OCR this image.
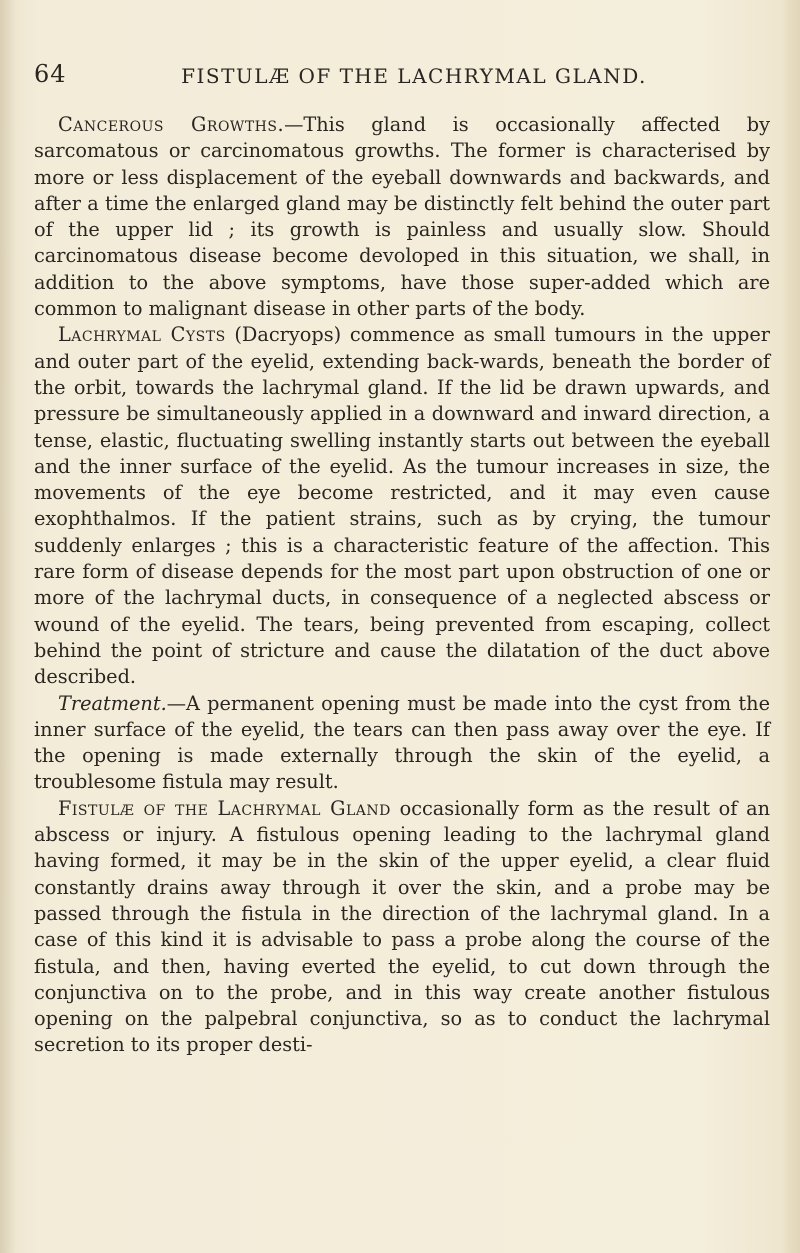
64	FISTULÆ OF THE LACHRYMAL GLAND.

Cancerous Growths.—This gland is occasionally affected by sarcomatous or carcinomatous growths. The former is characterised by more or less displacement of the eyeball downwards and backwards, and after a time the enlarged gland may be distinctly felt behind the outer part of the upper lid ; its growth is painless and usually slow. Should carcinomatous disease become devoloped in this situation, we shall, in addition to the above symptoms, have those super-added which are common to malignant disease in other parts of the body.

Lachrymal Cysts (Dacryops) commence as small tumours in the upper and outer part of the eyelid, extending back-wards, beneath the border of the orbit, towards the lachrymal gland. If the lid be drawn upwards, and pressure be simultaneously applied in a downward and inward direction, a tense, elastic, fluctuating swelling instantly starts out between the eyeball and the inner surface of the eyelid. As the tumour increases in size, the movements of the eye become restricted, and it may even cause exophthalmos. If the patient strains, such as by crying, the tumour suddenly enlarges ; this is a characteristic feature of the affection. This rare form of disease depends for the most part upon obstruction of one or more of the lachrymal ducts, in consequence of a neglected abscess or wound of the eyelid. The tears, being prevented from escaping, collect behind the point of stricture and cause the dilatation of the duct above described.

Treatment.—A permanent opening must be made into the cyst from the inner surface of the eyelid, the tears can then pass away over the eye. If the opening is made externally through the skin of the eyelid, a troublesome fistula may result.

Fistulæ of the Lachrymal Gland occasionally form as the result of an abscess or injury. A fistulous opening leading to the lachrymal gland having formed, it may be in the skin of the upper eyelid, a clear fluid constantly drains away through it over the skin, and a probe may be passed through the fistula in the direction of the lachrymal gland. In a case of this kind it is advisable to pass a probe along the course of the fistula, and then, having everted the eyelid, to cut down through the conjunctiva on to the probe, and in this way create another fistulous opening on the palpebral conjunctiva, so as to conduct the lachrymal secretion to its proper desti-
